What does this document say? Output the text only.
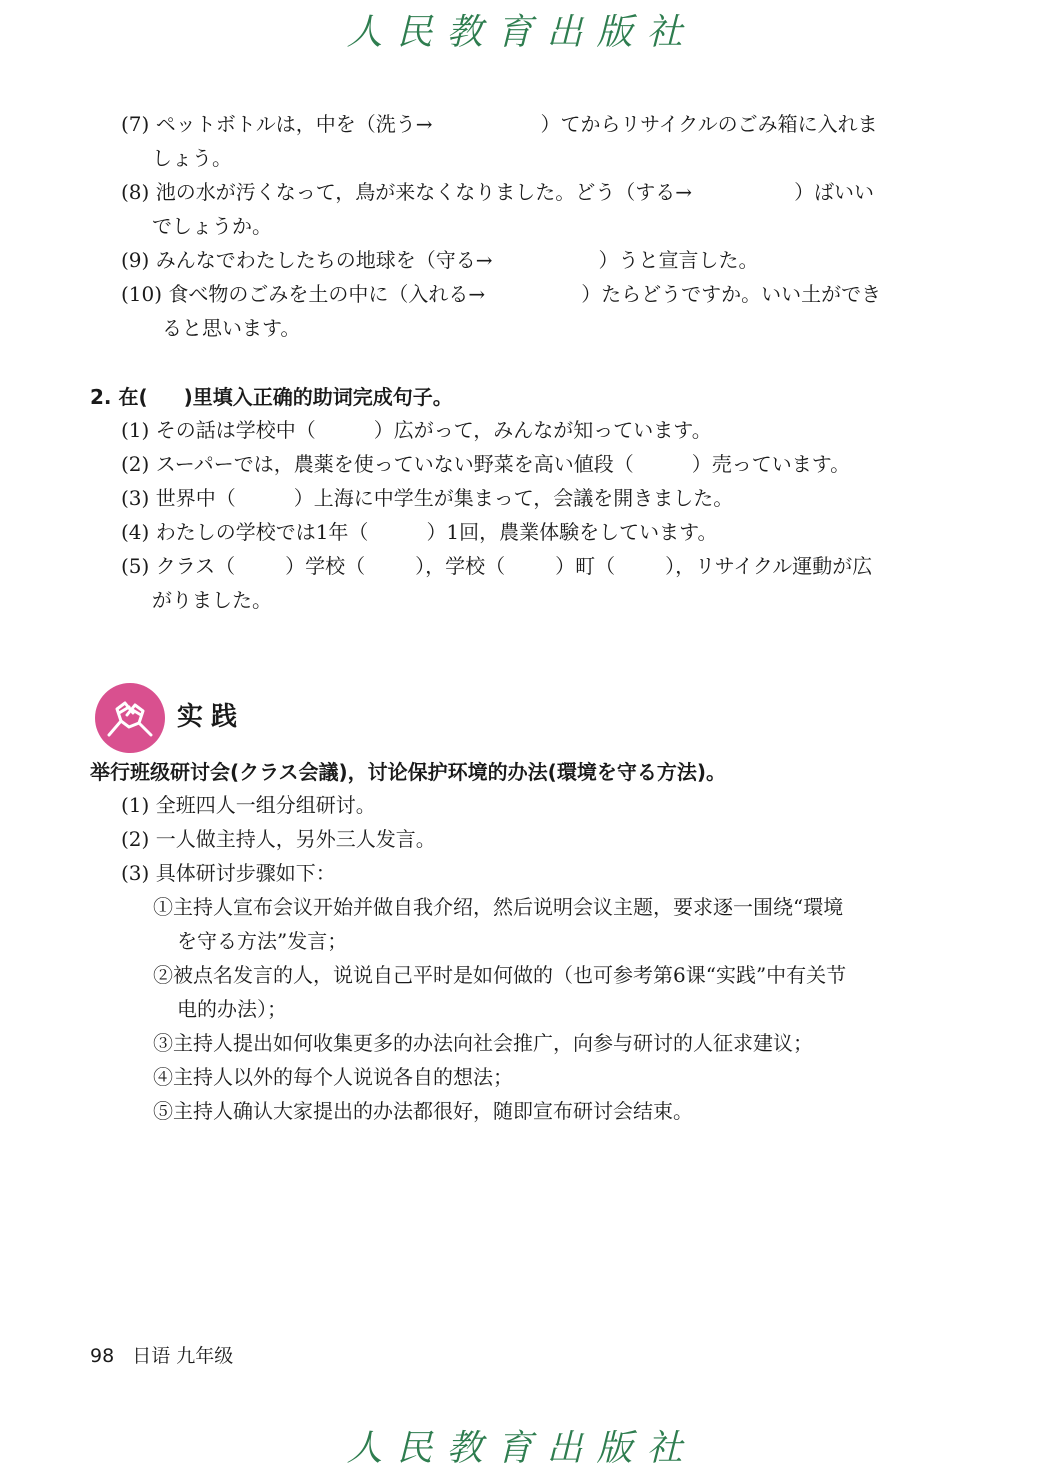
人民教育出版社
(7) ペットボトルは，中を（洗う→	）てからリサイクルのごみ箱に入れま
しょう。
(8) 池の水が汚くなって，鳥が来なくなりました。どう（する→	）ばいい
でしょうか。
(9) みんなでわたしたちの地球を（守る→	）うと宣言した。
(10) 食べ物のごみを土の中に（入れる→	）たらどうですか。いい土ができ
ると思います。
2. 在( )里填入正确的助词完成句子。
(1) その話は学校中（	）広がって，みんなが知っています。
(2) スーパーでは，農薬を使っていない野菜を高い値段（	）売っています。
(3) 世界中（	）上海に中学生が集まって，会議を開きました。
(4) わたしの学校では1年（	）1回，農業体験をしています。
(5) クラス（	）学校（	），学校（	）町（	），リサイクル運動が広
がりました。
实践
举行班级研讨会(クラス会議)，讨论保护环境的办法(環境を守る方法)。
(1) 全班四人一组分组研讨。
(2) 一人做主持人，另外三人发言。
(3) 具体研讨步骤如下：
①主持人宣布会议开始并做自我介绍，然后说明会议主题，要求逐一围绕“環境
を守る方法”发言；
②被点名发言的人，说说自己平时是如何做的（也可参考第6课“实践”中有关节
电的办法）；
③主持人提出如何收集更多的办法向社会推广，向参与研讨的人征求建议；
④主持人以外的每个人说说各自的想法；
⑤主持人确认大家提出的办法都很好，随即宣布研讨会结束。
98 日语 九年级
人民教育出版社
